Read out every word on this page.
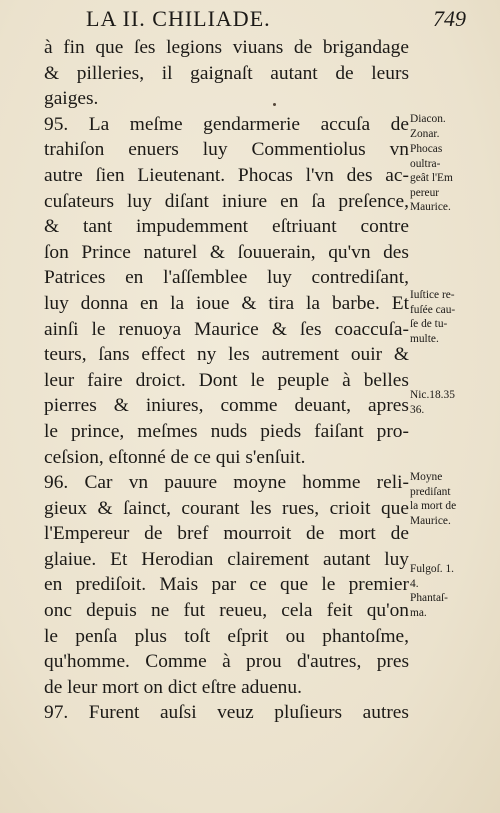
LA II. CHILIADE.	749
à fin que ſes legions viuans de brigandage
& pilleries, il gaignaſt autant de leurs
gaiges.
95. La meſme gendarmerie accuſa de
trahiſon enuers luy Commentiolus vn
autre ſien Lieutenant. Phocas l'vn des ac-
cuſateurs luy diſant iniure en ſa preſence,
& tant impudemment eſtriuant contre
ſon Prince naturel & ſouuerain, qu'vn des
Patrices en l'aſſemblee luy contrediſant,
luy donna en la ioue & tira la barbe. Et
ainſi le renuoya Maurice & ſes coaccuſa-
teurs, ſans effect ny les autrement ouir &
leur faire droict. Dont le peuple à belles
pierres & iniures, comme deuant, apres
le prince, meſmes nuds pieds faiſant pro-
ceſsion, eſtonné de ce qui s'enſuit.
96. Car vn pauure moyne homme reli-
gieux & ſainct, courant les rues, crioit que
l'Empereur de bref mourroit de mort de
glaiue. Et Herodian clairement autant luy
en prediſoit. Mais par ce que le premier
onc depuis ne fut reueu, cela feit qu'on
le penſa plus toſt eſprit ou phantoſme,
qu'homme. Comme à prou d'autres, pres
de leur mort on dict eſtre aduenu.
97. Furent auſsi veuz pluſieurs autres
Diacon.
Zonar.
Phocas
oultra-
geât l'Em
pereur
Maurice.
Iuſtice re-
fuſée cau-
ſe de tu-
multe.
Nic.18.35
36.
Moyne
prediſant
la mort de
Maurice.
Fulgoſ. 1.
4.
Phantaſ-
ma.
